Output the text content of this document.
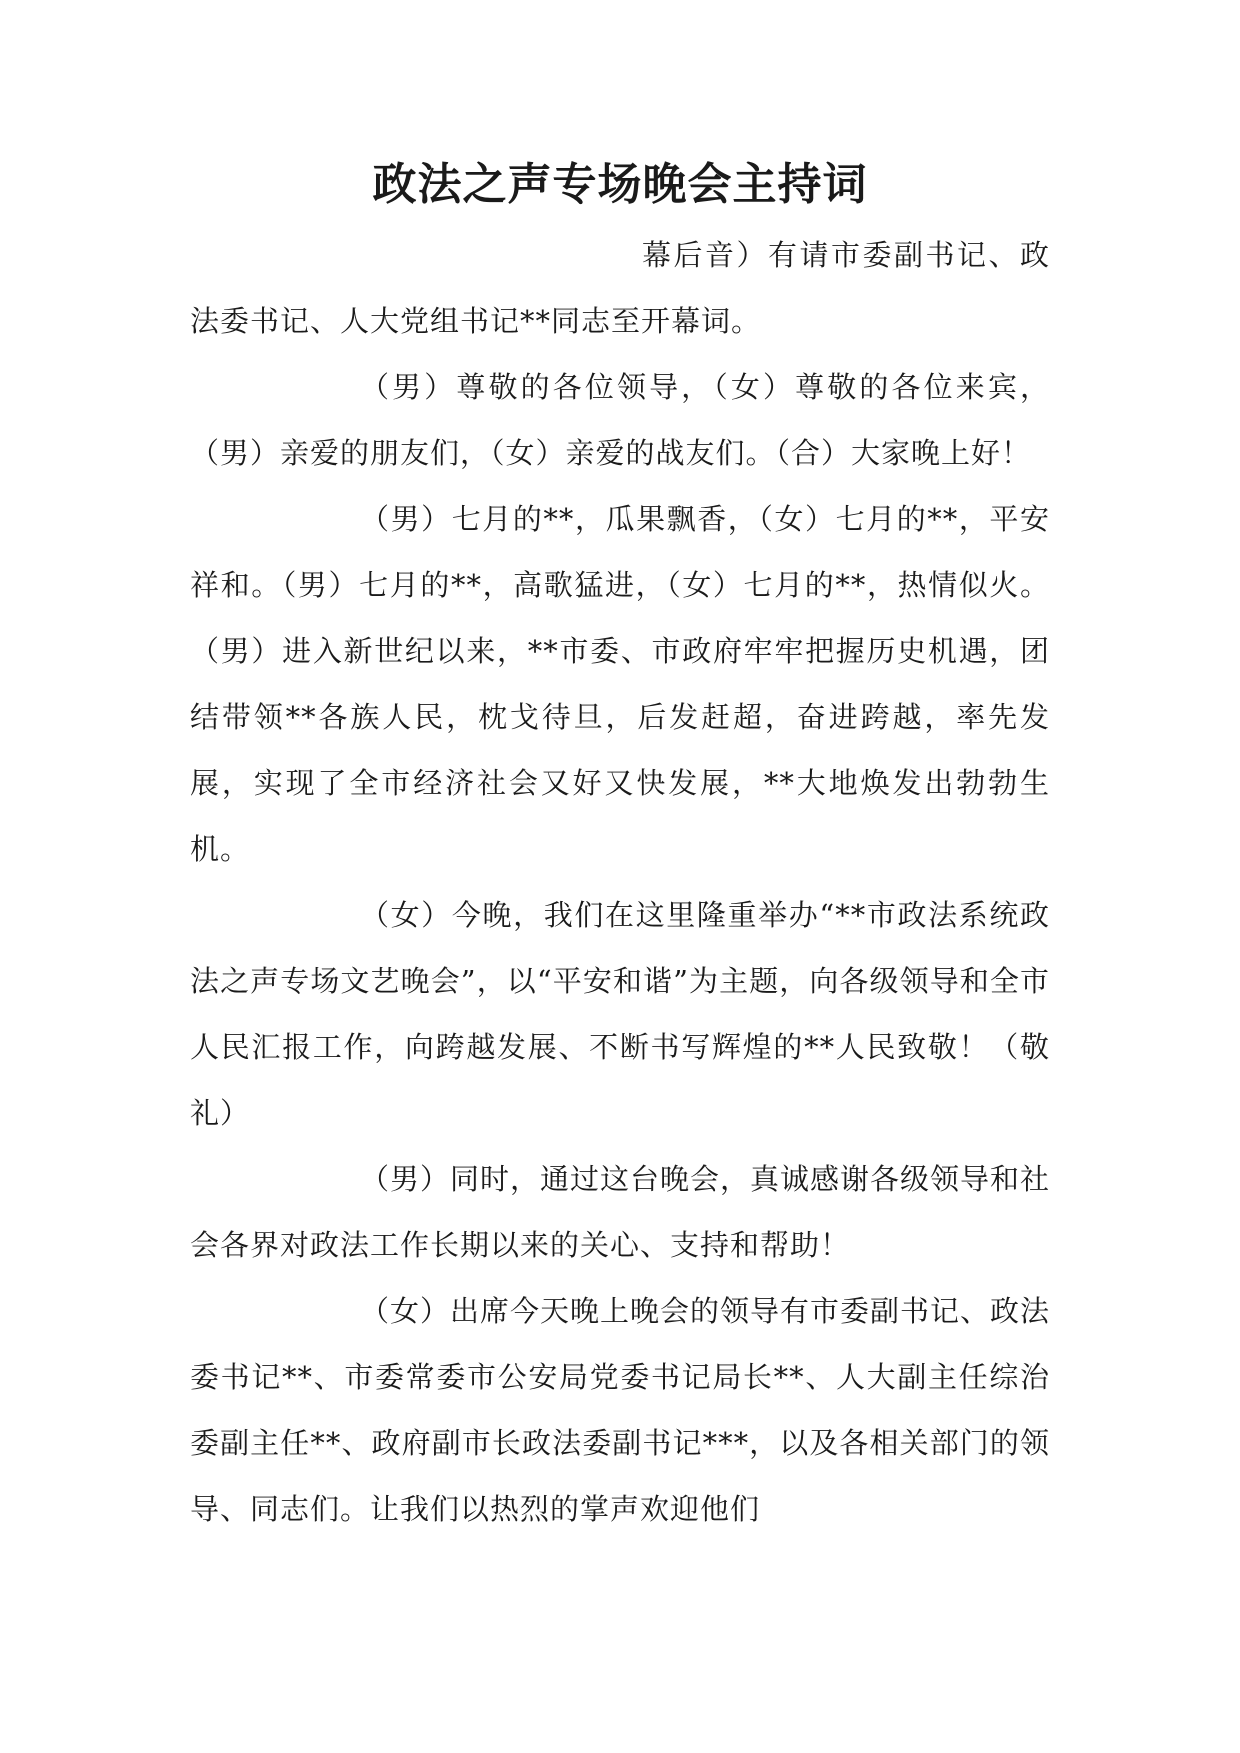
政法之声专场晚会主持词

幕后音）有请市委副书记、政法委书记、人大党组书记**同志至开幕词。

（男）尊敬的各位领导，（女）尊敬的各位来宾，（男）亲爱的朋友们，（女）亲爱的战友们。（合）大家晚上好！

（男）七月的**，瓜果飘香，（女）七月的**，平安祥和。（男）七月的**，高歌猛进，（女）七月的**，热情似火。（男）进入新世纪以来，**市委、市政府牢牢把握历史机遇，团结带领**各族人民，枕戈待旦，后发赶超，奋进跨越，率先发展，实现了全市经济社会又好又快发展，**大地焕发出勃勃生机。

（女）今晚，我们在这里隆重举办“**市政法系统政法之声专场文艺晚会”，以“平安和谐”为主题，向各级领导和全市人民汇报工作，向跨越发展、不断书写辉煌的**人民致敬！（敬礼）

（男）同时，通过这台晚会，真诚感谢各级领导和社会各界对政法工作长期以来的关心、支持和帮助！

（女）出席今天晚上晚会的领导有市委副书记、政法委书记**、市委常委市公安局党委书记局长**、人大副主任综治委副主任**、政府副市长政法委副书记***，以及各相关部门的领导、同志们。让我们以热烈的掌声欢迎他们
